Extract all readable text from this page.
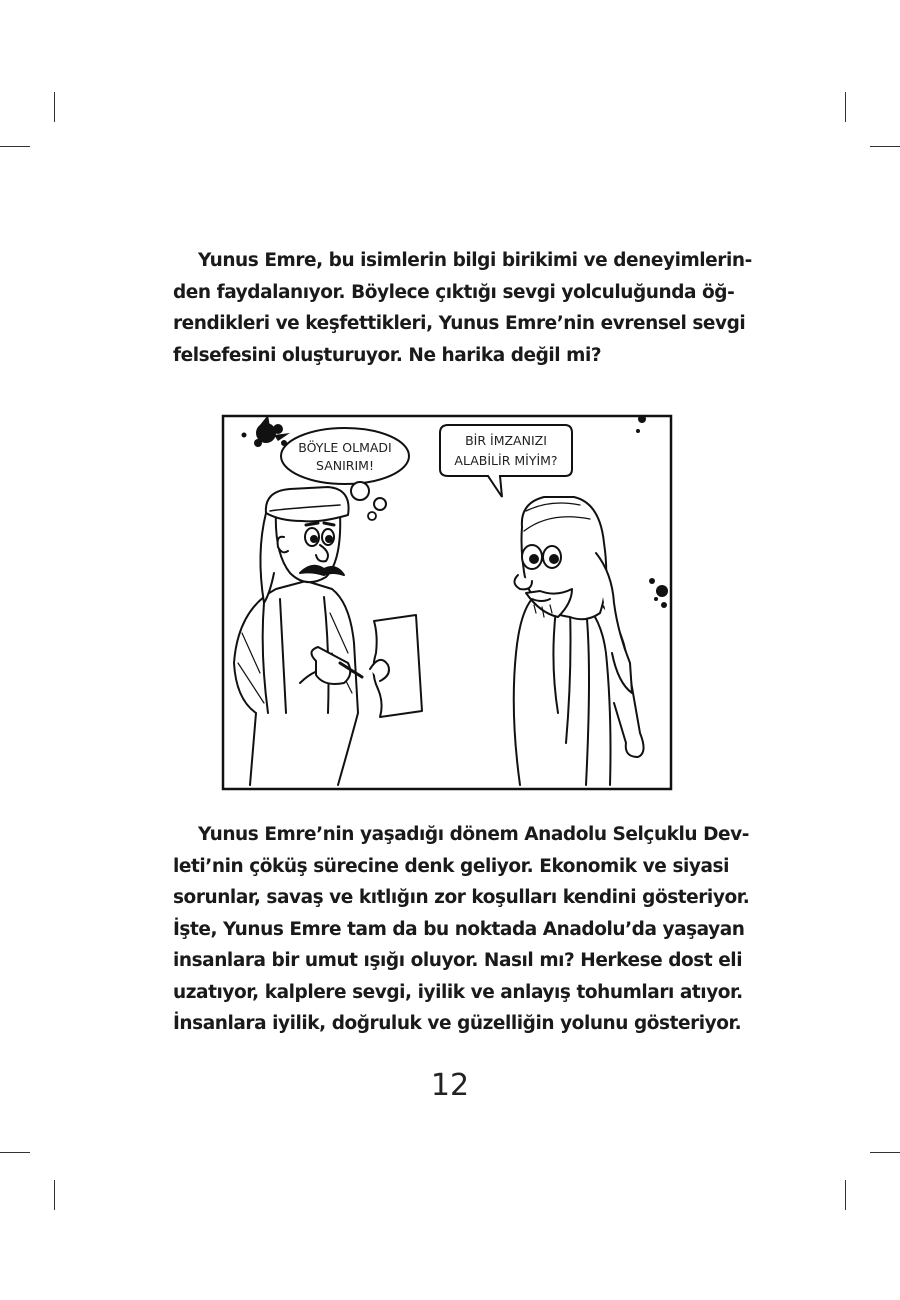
Yunus Emre, bu isimlerin bilgi birikimi ve deneyimlerin-
den faydalanıyor. Böylece çıktığı sevgi yolculuğunda öğ-
rendikleri ve keşfettikleri, Yunus Emre’nin evrensel sevgi
felsefesini oluşturuyor. Ne harika değil mi?
BÖYLE OLMADI
SANIRIM!
BİR İMZANIZI
ALABİLİR MİYİM?
Yunus Emre’nin yaşadığı dönem Anadolu Selçuklu Dev-
leti’nin çöküş sürecine denk geliyor. Ekonomik ve siyasi
sorunlar, savaş ve kıtlığın zor koşulları kendini gösteriyor.
İşte, Yunus Emre tam da bu noktada Anadolu’da yaşayan
insanlara bir umut ışığı oluyor. Nasıl mı? Herkese dost eli
uzatıyor, kalplere sevgi, iyilik ve anlayış tohumları atıyor.
İnsanlara iyilik, doğruluk ve güzelliğin yolunu gösteriyor.
12
